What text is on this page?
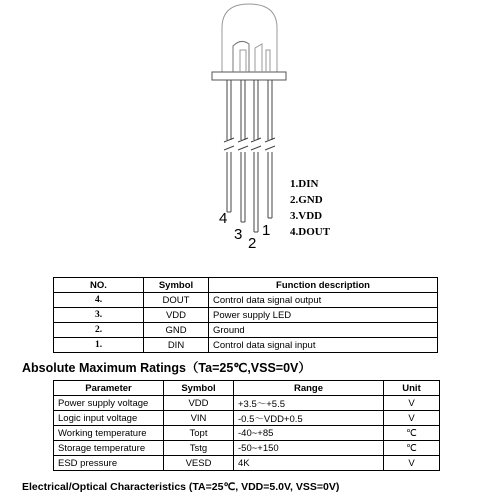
4
3
2
1
1.DIN
2.GND
3.VDD
4.DOUT
NO.	Symbol	Function description
4.	DOUT	Control data signal output
3.	VDD	Power supply LED
2.	GND	Ground
1.	DIN	Control data signal input
Absolute Maximum Ratings（Ta=25℃,VSS=0V）
Parameter	Symbol	Range	Unit
Power supply voltage	VDD	+3.5～+5.5	V
Logic input voltage	VIN	-0.5～VDD+0.5	V
Working temperature	Topt	-40~+85	℃
Storage temperature	Tstg	-50~+150	℃
ESD pressure	VESD	4K	V
Electrical/Optical Characteristics (TA=25℃, VDD=5.0V, VSS=0V)
